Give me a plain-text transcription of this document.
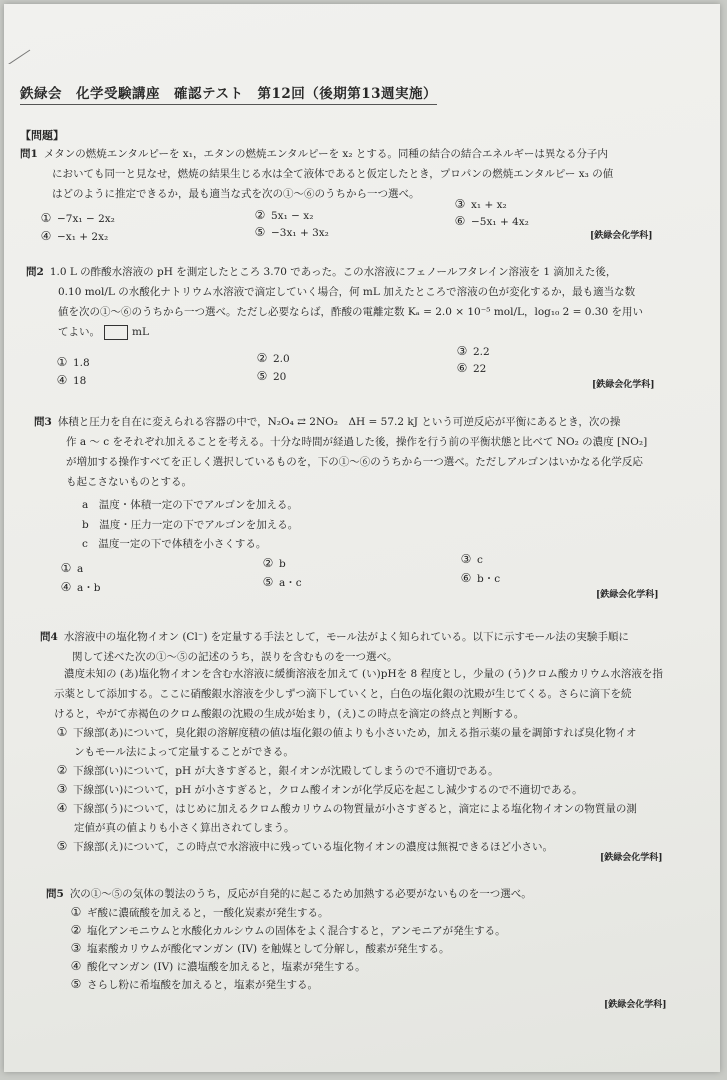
鉄緑会　化学受験講座　確認テスト　第12回（後期第13週実施）
【問題】
問1 メタンの燃焼エンタルピーを x₁，エタンの燃焼エンタルピーを x₂ とする。同種の結合の結合エネルギーは異なる分子内
においても同一と見なせ，燃焼の結果生じる水は全て液体であると仮定したとき，プロパンの燃焼エンタルピー x₃ の値
はどのように推定できるか，最も適当な式を次の①〜⑥のうちから一つ選べ。
① −7x₁ − 2x₂	② 5x₁ − x₂
③ x₁ + x₂
④ −x₁ + 2x₂	⑤ −3x₁ + 3x₂
⑥ −5x₁ + 4x₂
[鉄緑会化学科]
問2 1.0 L の酢酸水溶液の pH を測定したところ 3.70 であった。この水溶液にフェノールフタレイン溶液を 1 滴加えた後，
0.10 mol/L の水酸化ナトリウム水溶液で滴定していく場合，何 mL 加えたところで溶液の色が変化するか，最も適当な数
値を次の①〜⑥のうちから一つ選べ。ただし必要ならば，酢酸の電離定数 Kₐ = 2.0 × 10⁻⁵ mol/L，log₁₀ 2 = 0.30 を用い
てよい。	mL
① 1.8	② 2.0
③ 2.2
④ 18	⑤ 20
⑥ 22
[鉄緑会化学科]
問3 体積と圧力を自在に変えられる容器の中で，N₂O₄ ⇄ 2NO₂　ΔH = 57.2 kJ という可逆反応が平衡にあるとき，次の操
作 a 〜 c をそれぞれ加えることを考える。十分な時間が経過した後，操作を行う前の平衡状態と比べて NO₂ の濃度 [NO₂]
が増加する操作すべてを正しく選択しているものを，下の①〜⑥のうちから一つ選べ。ただしアルゴンはいかなる化学反応
も起こさないものとする。
a　温度・体積一定の下でアルゴンを加える。
b　温度・圧力一定の下でアルゴンを加える。
c　温度一定の下で体積を小さくする。
① a	② b	③ c
④ a・b	⑤ a・c	⑥ b・c
[鉄緑会化学科]
問4 水溶液中の塩化物イオン (Cl⁻) を定量する手法として，モール法がよく知られている。以下に示すモール法の実験手順に
関して述べた次の①〜⑤の記述のうち，誤りを含むものを一つ選べ。
濃度未知の (あ)塩化物イオンを含む水溶液に緩衝溶液を加えて (い)pHを 8 程度とし，少量の (う)クロム酸カリウム水溶液を指
示薬として添加する。ここに硝酸銀水溶液を少しずつ滴下していくと，白色の塩化銀の沈殿が生じてくる。さらに滴下を続
けると，やがて赤褐色のクロム酸銀の沈殿の生成が始まり，(え)この時点を滴定の終点と判断する。
① 下線部(あ)について，臭化銀の溶解度積の値は塩化銀の値よりも小さいため，加える指示薬の量を調節すれば臭化物イオ
ンもモール法によって定量することができる。
② 下線部(い)について，pH が大きすぎると，銀イオンが沈殿してしまうので不適切である。
③ 下線部(い)について，pH が小さすぎると，クロム酸イオンが化学反応を起こし減少するので不適切である。
④ 下線部(う)について，はじめに加えるクロム酸カリウムの物質量が小さすぎると，滴定による塩化物イオンの物質量の測
定値が真の値よりも小さく算出されてしまう。
⑤ 下線部(え)について，この時点で水溶液中に残っている塩化物イオンの濃度は無視できるほど小さい。
[鉄緑会化学科]
問5 次の①〜⑤の気体の製法のうち，反応が自発的に起こるため加熱する必要がないものを一つ選べ。
① ギ酸に濃硫酸を加えると，一酸化炭素が発生する。
② 塩化アンモニウムと水酸化カルシウムの固体をよく混合すると，アンモニアが発生する。
③ 塩素酸カリウムが酸化マンガン (IV) を触媒として分解し，酸素が発生する。
④ 酸化マンガン (IV) に濃塩酸を加えると，塩素が発生する。
⑤ さらし粉に希塩酸を加えると，塩素が発生する。
[鉄緑会化学科]
